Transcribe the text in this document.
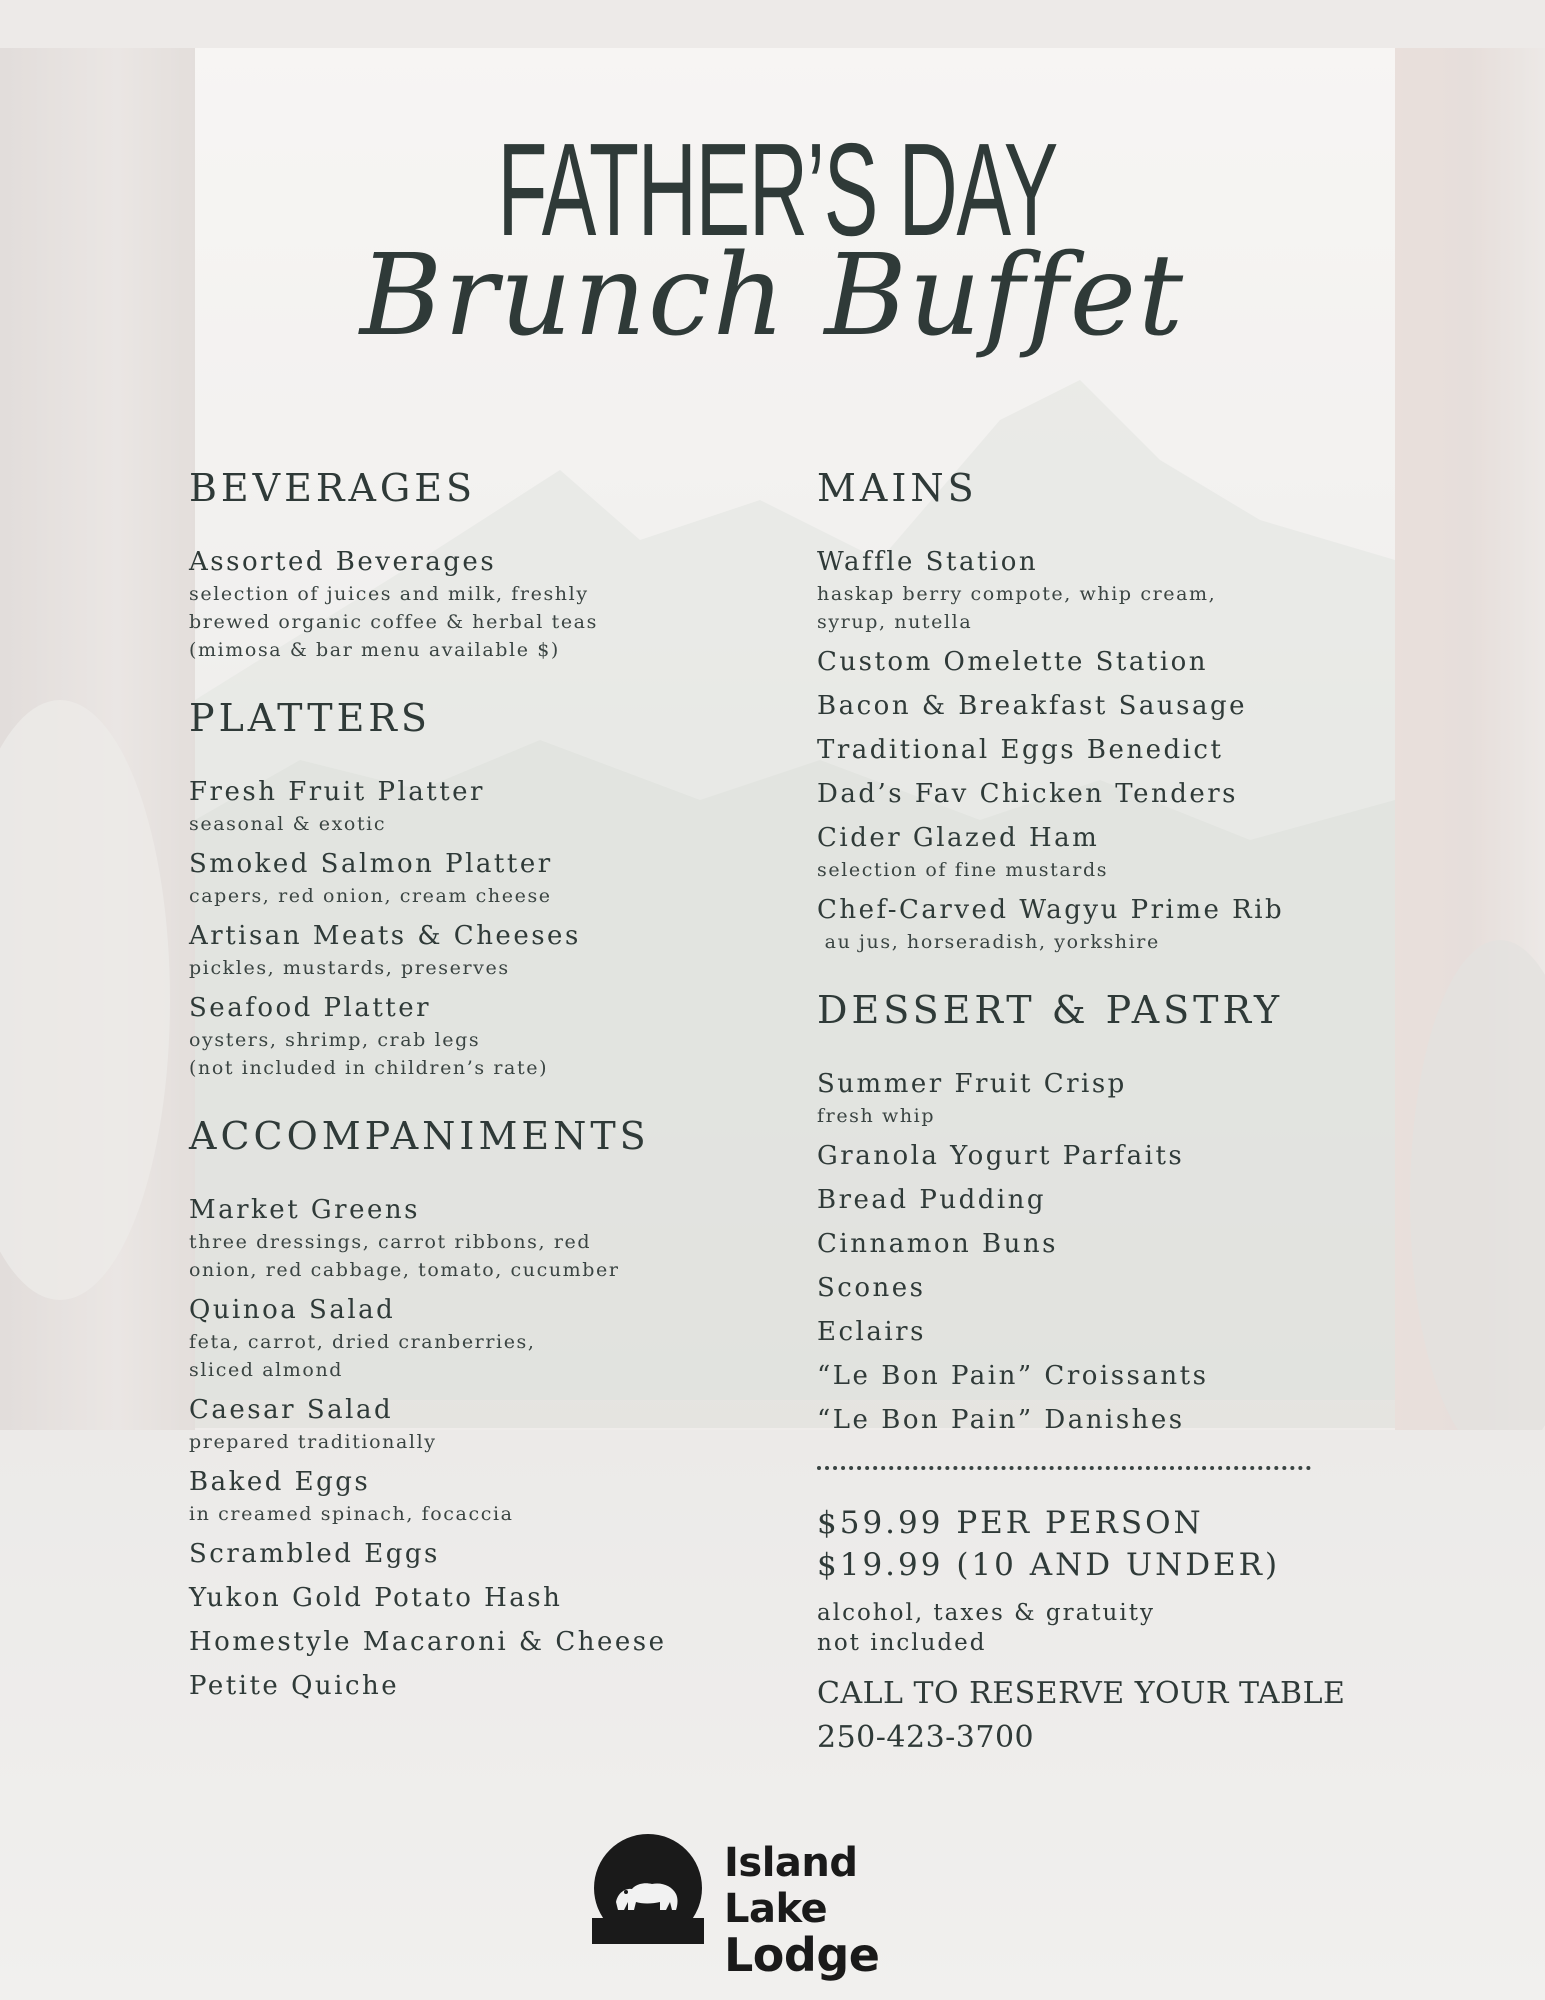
FATHER’S DAY
Brunch Buffet
BEVERAGES
Assorted Beverages
selection of juices and milk, freshly
brewed organic coffee & herbal teas
(mimosa & bar menu available $)
PLATTERS
Fresh Fruit Platter
seasonal & exotic
Smoked Salmon Platter
capers, red onion, cream cheese
Artisan Meats & Cheeses
pickles, mustards, preserves
Seafood Platter
oysters, shrimp, crab legs
(not included in children’s rate)
ACCOMPANIMENTS
Market Greens
three dressings, carrot ribbons, red
onion, red cabbage, tomato, cucumber
Quinoa Salad
feta, carrot, dried cranberries,
sliced almond
Caesar Salad
prepared traditionally
Baked Eggs
in creamed spinach, focaccia
Scrambled Eggs
Yukon Gold Potato Hash
Homestyle Macaroni & Cheese
Petite Quiche
MAINS
Waffle Station
haskap berry compote, whip cream,
syrup, nutella
Custom Omelette Station
Bacon & Breakfast Sausage
Traditional Eggs Benedict
Dad’s Fav Chicken Tenders
Cider Glazed Ham
selection of fine mustards
Chef-Carved Wagyu Prime Rib
au jus, horseradish, yorkshire
DESSERT & PASTRY
Summer Fruit Crisp
fresh whip
Granola Yogurt Parfaits
Bread Pudding
Cinnamon Buns
Scones
Eclairs
“Le Bon Pain” Croissants
“Le Bon Pain” Danishes
$59.99 PER PERSON
$19.99 (10 AND UNDER)
alcohol, taxes & gratuity
not included
CALL TO RESERVE YOUR TABLE
250-423-3700
Island Lake
Lodge
